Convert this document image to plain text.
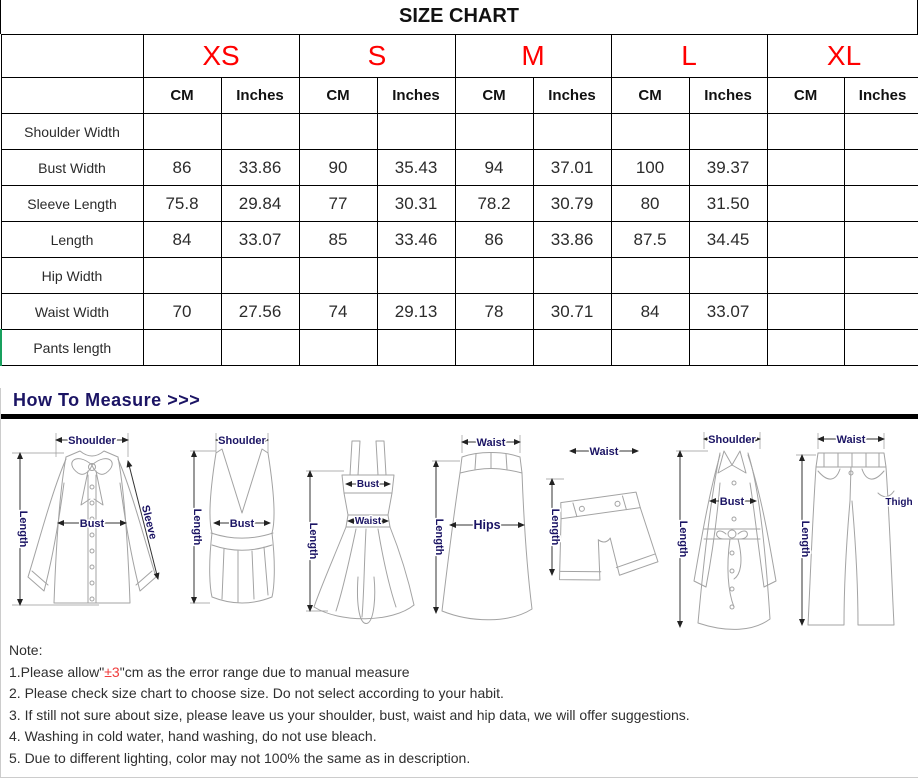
SIZE CHART
	XS		S		M		L		XL	
	CM	Inches	CM	Inches	CM	Inches	CM	Inches	CM	Inches
Shoulder Width										
Bust Width	86	33.86	90	35.43	94	37.01	100	39.37		
Sleeve Length	75.8	29.84	77	30.31	78.2	30.79	80	31.50		
Length	84	33.07	85	33.46	86	33.86	87.5	34.45		
Hip Width										
Waist Width	70	27.56	74	29.13	78	30.71	84	33.07		
Pants length										
How To Measure >>>
Shoulder
Length	Bust	Sleeve
Shoulder
Bust
Length
Bust
Waist
Length
Waist
Hips
Length
Waist
Length
Shoulder
Bust
Length
Waist
Thigh
Length
Note:
1.Please allow"±3"cm as the error range due to manual measure
2. Please check size chart to choose size. Do not select according to your habit.
3. If still not sure about size, please leave us your shoulder, bust, waist and hip data, we will offer suggestions.
4. Washing in cold water, hand washing, do not use bleach.
5. Due to different lighting, color may not 100% the same as in description.
